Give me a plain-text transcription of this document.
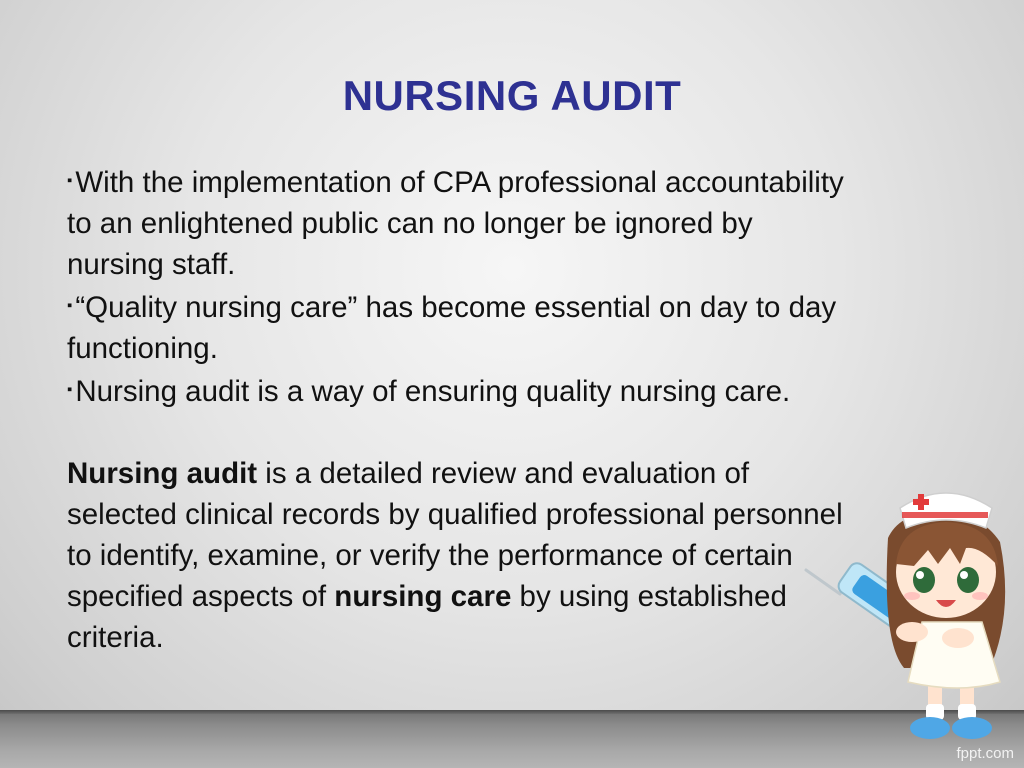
NURSING AUDIT

▪ With the implementation of CPA professional accountability to an enlightened public can no longer be ignored by nursing staff.

▪ “Quality nursing care” has become essential on day to day functioning.

▪ Nursing audit is a way of ensuring quality nursing care.

Nursing audit is a detailed review and evaluation of selected clinical records by qualified professional personnel to identify, examine, or verify the performance of certain specified aspects of nursing care by using established criteria.

fppt.com
